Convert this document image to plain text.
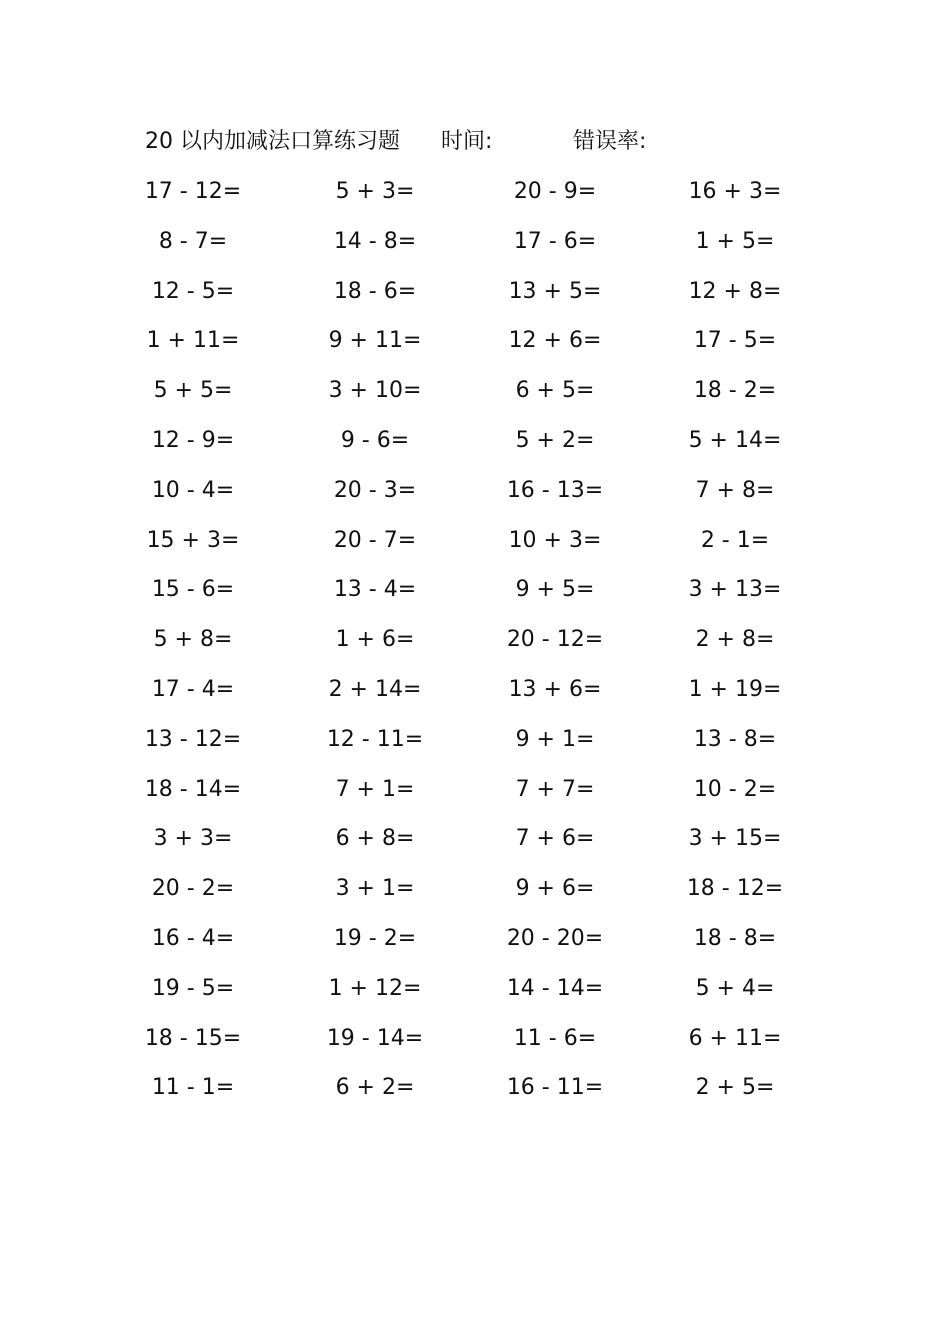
20 以内加减法口算练习题 时间:	错误率:
17 - 12=	5 + 3=	20 - 9=	16 + 3=
8 - 7=	14 - 8=	17 - 6=	1 + 5=
12 - 5=	18 - 6=	13 + 5=	12 + 8=
1 + 11=	9 + 11=	12 + 6=	17 - 5=
5 + 5=	3 + 10=	6 + 5=	18 - 2=
12 - 9=	9 - 6=	5 + 2=	5 + 14=
10 - 4=	20 - 3=	16 - 13=	7 + 8=
15 + 3=	20 - 7=	10 + 3=	2 - 1=
15 - 6=	13 - 4=	9 + 5=	3 + 13=
5 + 8=	1 + 6=	20 - 12=	2 + 8=
17 - 4=	2 + 14=	13 + 6=	1 + 19=
13 - 12=	12 - 11=	9 + 1=	13 - 8=
18 - 14=	7 + 1=	7 + 7=	10 - 2=
3 + 3=	6 + 8=	7 + 6=	3 + 15=
20 - 2=	3 + 1=	9 + 6=	18 - 12=
16 - 4=	19 - 2=	20 - 20=	18 - 8=
19 - 5=	1 + 12=	14 - 14=	5 + 4=
18 - 15=	19 - 14=	11 - 6=	6 + 11=
11 - 1=	6 + 2=	16 - 11=	2 + 5=
